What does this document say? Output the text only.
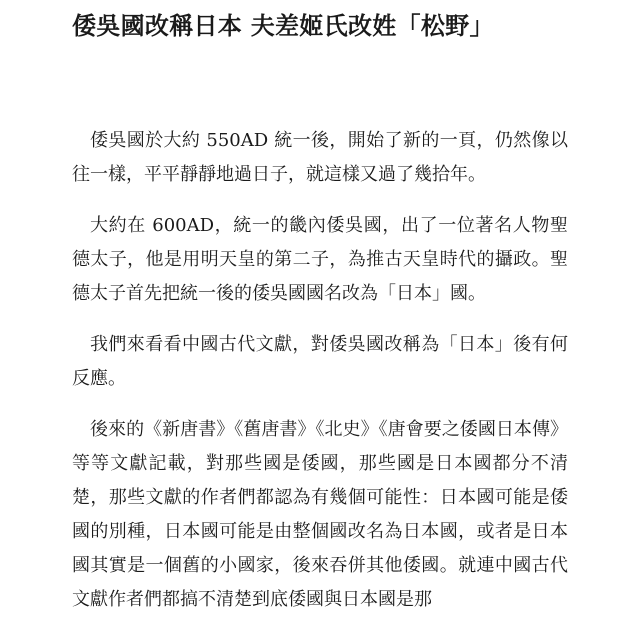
倭吳國改稱日本 夫差姬氏改姓「松野」

倭吳國於大約 550AD 統一後，開始了新的一頁，仍然像以往一樣，平平靜靜地過日子，就這樣又過了幾拾年。

大約在 600AD，統一的畿內倭吳國，出了一位著名人物聖德太子，他是用明天皇的第二子，為推古天皇時代的攝政。聖德太子首先把統一後的倭吳國國名改為「日本」國。

我們來看看中國古代文獻，對倭吳國改稱為「日本」後有何反應。

後來的《新唐書》《舊唐書》《北史》《唐會要之倭國日本傳》等等文獻記載，對那些國是倭國，那些國是日本國都分不清楚，那些文獻的作者們都認為有幾個可能性：日本國可能是倭國的別種，日本國可能是由整個國改名為日本國，或者是日本國其實是一個舊的小國家，後來吞併其他倭國。就連中國古代文獻作者們都搞不清楚到底倭國與日本國是那
